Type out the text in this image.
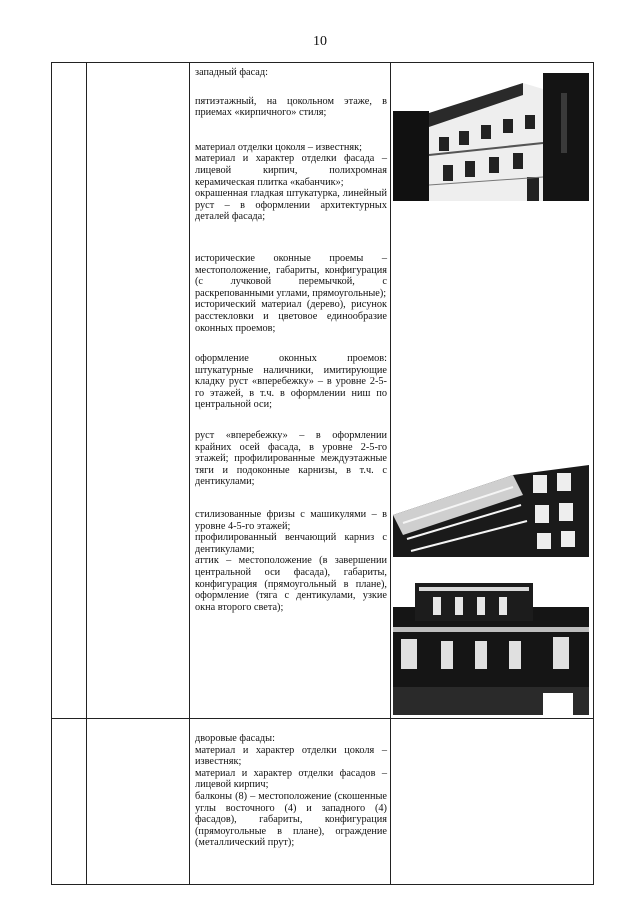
10

западный фасад:

пятиэтажный, на цокольном этаже, в приемах «кирпичного» стиля;

материал отделки цоколя – известняк;
материал и характер отделки фасада – лицевой кирпич, полихромная керамическая плитка «кабанчик»;
окрашенная гладкая штукатурка, линейный руст – в оформлении архитектурных деталей фасада;

исторические оконные проемы – местоположение, габариты, конфигурация (с лучковой перемычкой, с раскрепованными углами, прямоугольные);
исторический материал (дерево), рисунок расстекловки и цветовое единообразие оконных проемов;

оформление оконных проемов: штукатурные наличники, имитирующие кладку руст «вперебежку» – в уровне 2-5-го этажей, в т.ч. в оформлении ниш по центральной оси;

руст «вперебежку» – в оформлении крайних осей фасада, в уровне 2-5-го этажей; профилированные междуэтажные тяги и подоконные карнизы, в т.ч. с дентикулами;

стилизованные фризы с машикулями – в уровне 4-5-го этажей;
профилированный венчающий карниз с дентикулами;
аттик – местоположение (в завершении центральной оси фасада), габариты, конфигурация (прямоугольный в плане), оформление (тяга с дентикулами, узкие окна второго света);

дворовые фасады:
материал и характер отделки цоколя – известняк;
материал и характер отделки фасадов – лицевой кирпич;
балконы (8) – местоположение (скошенные углы восточного (4) и западного (4) фасадов), габариты, конфигурация (прямоугольные в плане), ограждение (металлический прут);
